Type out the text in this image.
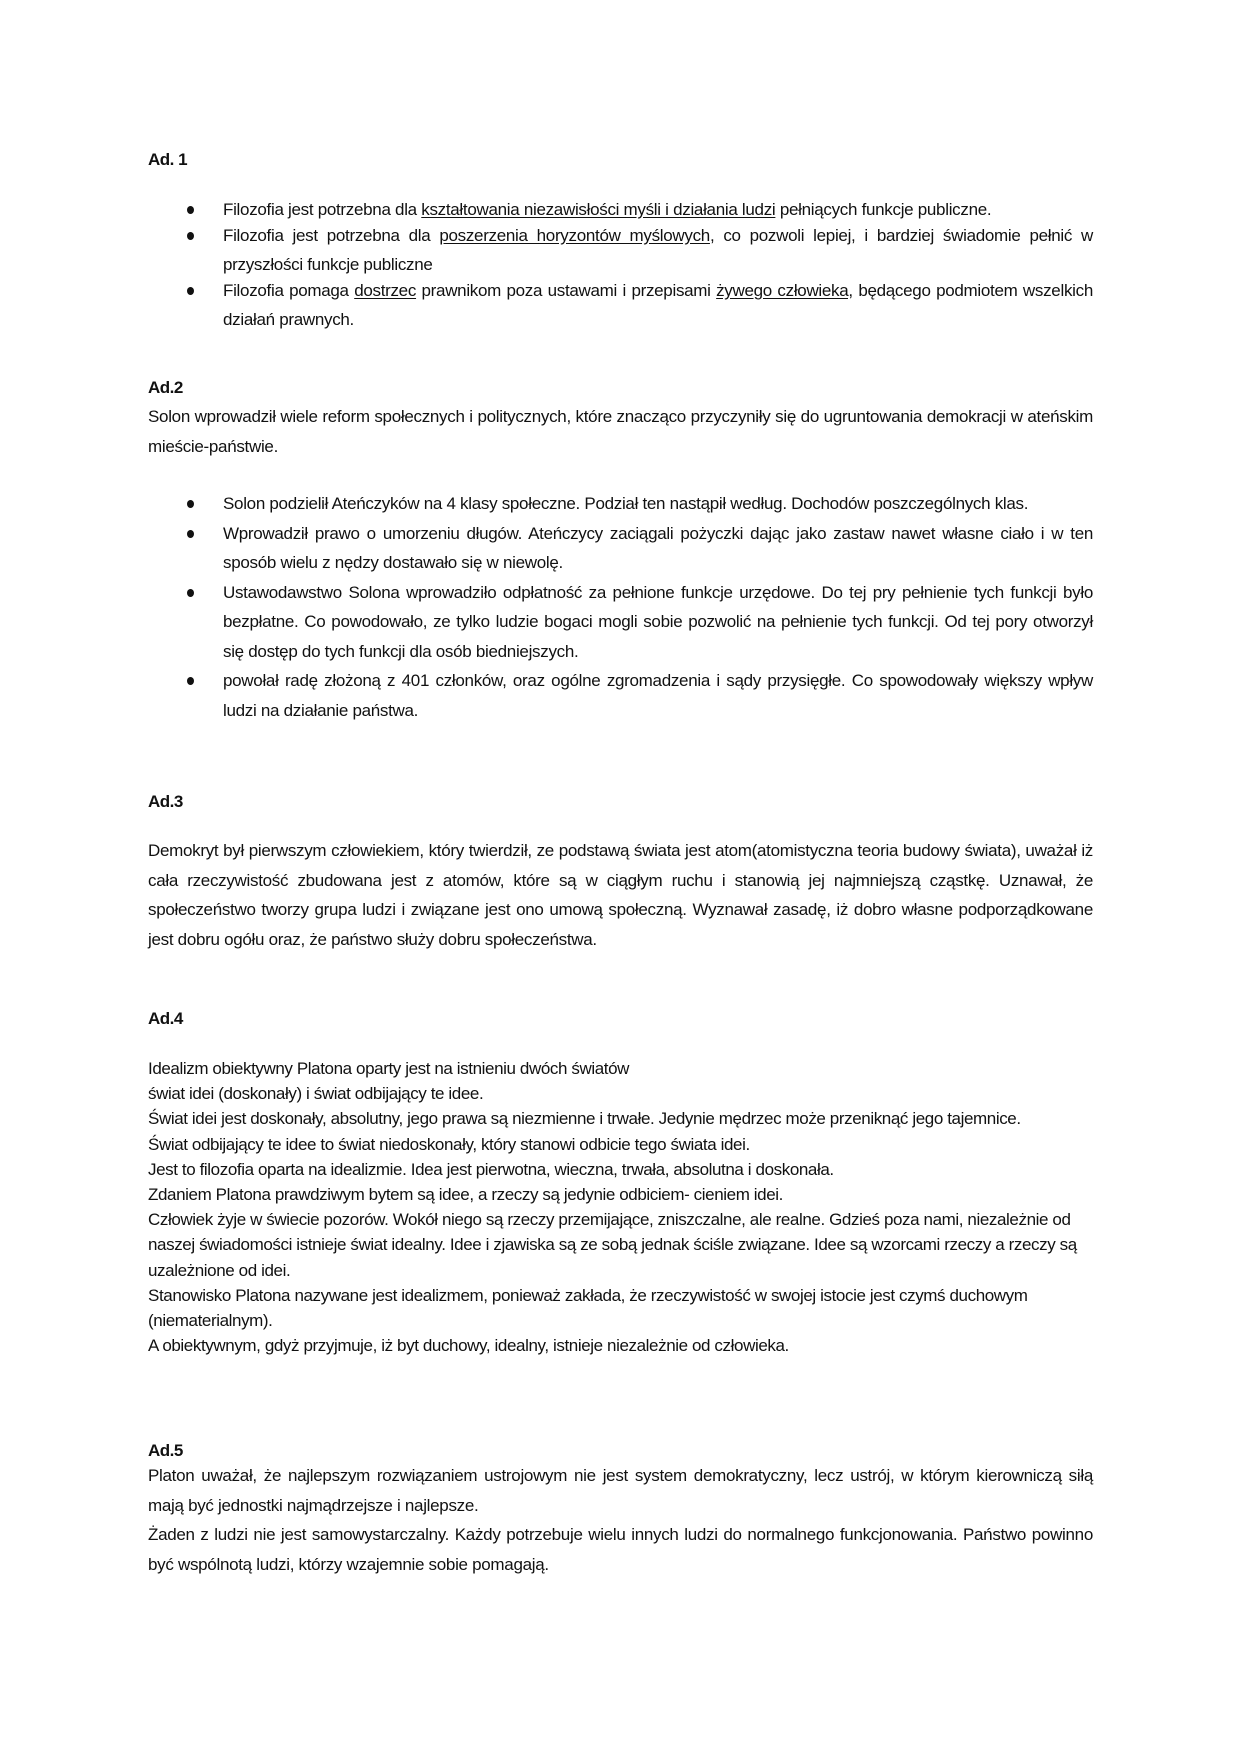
Ad. 1
Filozofia jest potrzebna dla kształtowania niezawisłości myśli i działania ludzi pełniących funkcje publiczne.
Filozofia jest potrzebna dla poszerzenia horyzontów myślowych, co pozwoli lepiej, i bardziej świadomie pełnić w przyszłości funkcje publiczne
Filozofia pomaga dostrzec prawnikom poza ustawami i przepisami żywego człowieka, będącego podmiotem wszelkich działań prawnych.
Ad.2

Solon wprowadził wiele reform społecznych i politycznych, które znacząco przyczyniły się do ugruntowania demokracji w ateńskim mieście-państwie.

Solon podzielił Ateńczyków na 4 klasy społeczne. Podział ten nastąpił według. Dochodów poszczególnych klas.
Wprowadził prawo o umorzeniu długów. Ateńczycy zaciągali pożyczki dając jako zastaw nawet własne ciało i w ten sposób wielu z nędzy dostawało się w niewolę.
Ustawodawstwo Solona wprowadziło odpłatność za pełnione funkcje urzędowe. Do tej pry pełnienie tych funkcji było bezpłatne. Co powodowało, ze tylko ludzie bogaci mogli sobie pozwolić na pełnienie tych funkcji. Od tej pory otworzył się dostęp do tych funkcji dla osób biedniejszych.
powołał radę złożoną z 401 członków, oraz ogólne zgromadzenia i sądy przysięgłe. Co spowodowały większy wpływ ludzi na działanie państwa.
Ad.3

Demokryt był pierwszym człowiekiem, który twierdził, ze podstawą świata jest atom(atomistyczna teoria budowy świata), uważał iż cała rzeczywistość zbudowana jest z atomów, które są w ciągłym ruchu i stanowią jej najmniejszą cząstkę. Uznawał, że społeczeństwo tworzy grupa ludzi i związane jest ono umową społeczną. Wyznawał zasadę, iż dobro własne podporządkowane jest dobru ogółu oraz, że państwo służy dobru społeczeństwa.

Ad.4
Idealizm obiektywny Platona oparty jest na istnieniu dwóch światów
świat idei (doskonały) i świat odbijający te idee.
Świat idei jest doskonały, absolutny, jego prawa są niezmienne i trwałe. Jedynie mędrzec może przeniknąć jego tajemnice.
Świat odbijający te idee to świat niedoskonały, który stanowi odbicie tego świata idei.
Jest to filozofia oparta na idealizmie. Idea jest pierwotna, wieczna, trwała, absolutna i doskonała.
Zdaniem Platona prawdziwym bytem są idee, a rzeczy są jedynie odbiciem- cieniem idei.
Człowiek żyje w świecie pozorów. Wokół niego są rzeczy przemijające, zniszczalne, ale realne. Gdzieś poza nami, niezależnie od naszej świadomości istnieje świat idealny. Idee i zjawiska są ze sobą jednak ściśle związane. Idee są wzorcami rzeczy a rzeczy są uzależnione od idei.
Stanowisko Platona nazywane jest idealizmem, ponieważ zakłada, że rzeczywistość w swojej istocie jest czymś duchowym (niematerialnym).
A obiektywnym, gdyż przyjmuje, iż byt duchowy, idealny, istnieje niezależnie od człowieka.
Ad.5
Platon uważał, że najlepszym rozwiązaniem ustrojowym nie jest system demokratyczny, lecz ustrój, w którym kierowniczą siłą mają być jednostki najmądrzejsze i najlepsze.
Żaden z ludzi nie jest samowystarczalny. Każdy potrzebuje wielu innych ludzi do normalnego funkcjonowania. Państwo powinno być wspólnotą ludzi, którzy wzajemnie sobie pomagają.
